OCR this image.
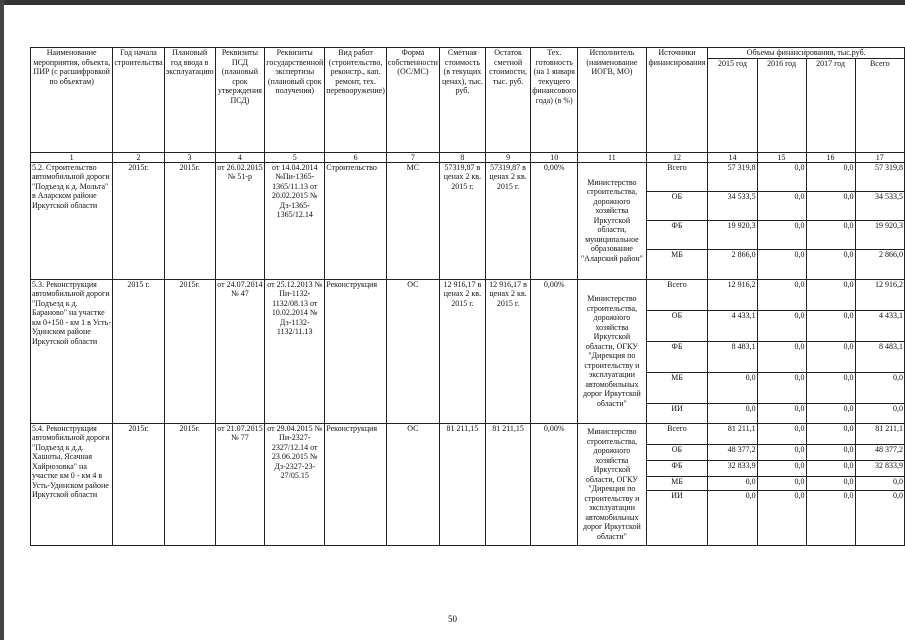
Наименование мероприятия, объекта, ПИР (с расшифровкой по объектам)	Год начала строительства	Плановый год ввода в эксплуатацию	Реквизиты ПСД (плановый срок утверждения ПСД)	Реквизиты государственной экспертизы (плановый срок получения)	Вид работ (строительство, реконстр., кап. ремонт, тех. перевооружение)	Форма собственности (ОС/МС)	Сметная стоимость (в текущих ценах), тыс. руб.	Остаток сметной стоимости, тыс. руб.	Тех. готовность (на 1 января текущего финансового года) (в %)	Исполнитель (наименование ИОГВ, МО)	Источники финансирования	Объемы финансирования, тыс.руб.			
												2015 год	2016 год	2017 год	Всего
1	2	3	4	5	6	7	8	9	10	11	12	14	15	16	17
5.2. Строительство автомобильной дороги "Подъезд к д. Мольта" в Аларском районе Иркутской области	2015г.	2015г.	от 26.02.2015 № 51-р	от 14.04.2014 №Пи-1365-1365/11.13 от 20.02.2015 № Дз-1365-1365/12.14	Строительство	МС	57319,87 в ценах 2 кв. 2015 г.	57319,87 в ценах 2 кв. 2015 г.	0,00%	Министерство строительства, дорожного хозяйства Иркутской области, муниципальное образование "Аларский район"	Всего	57 319,8	0,0	0,0	57 319,8
											ОБ	34 533,5	0,0	0,0	34 533,5
											ФБ	19 920,3	0,0	0,0	19 920,3
											МБ	2 866,0	0,0	0,0	2 866,0
5.3. Реконструкция автомобильной дороги "Подъезд к д. Бараново" на участке км 0+150 - км 1 в Усть-Удинском районе Иркутской области	2015 г.	2015г.	от 24.07.2014 № 47	от 25.12.2013 № Пи-1132-1132/08.13 от 10.02.2014 № Дз-1132-1132/11.13	Реконструкция	ОС	12 916,17 в ценах 2 кв. 2015 г.	12 916,17 в ценах 2 кв. 2015 г.	0,00%	Министерство строительства, дорожного хозяйства Иркутской области, ОГКУ "Дирекция по строительству и эксплуатации автомобильных дорог Иркутской области"	Всего	12 916,2	0,0	0,0	12 916,2
											ОБ	4 433,1	0,0	0,0	4 433,1
											ФБ	8 483,1	0,0	0,0	8 483,1
											МБ	0,0	0,0	0,0	0,0
											ИИ	0,0	0,0	0,0	0,0
5.4. Реконструкция автомобильной дороги "Подъезд к д.д. Хашоты, Ясачная Хайрюзовка" на участке км 0 - км 4 в Усть-Удинском районе Иркутской области	2015г.	2015г.	от 21.07.2015 № 77	от 29.04.2015 № Пи-2327-2327/12.14 от 23.06.2015 № Дз-2327-23-27/05.15	Реконструкция	ОС	81 211,15	81 211,15	0,00%	Министерство строительства, дорожного хозяйства Иркутской области, ОГКУ "Дирекция по строительству и эксплуатации автомобильных дорог Иркутской области"	Всего	81 211,1	0,0	0,0	81 211,1
											ОБ	48 377,2	0,0	0,0	48 377,2
											ФБ	32 833,9	0,0	0,0	32 833,9
											МБ	0,0	0,0	0,0	0,0
											ИИ	0,0	0,0	0,0	0,0
50
